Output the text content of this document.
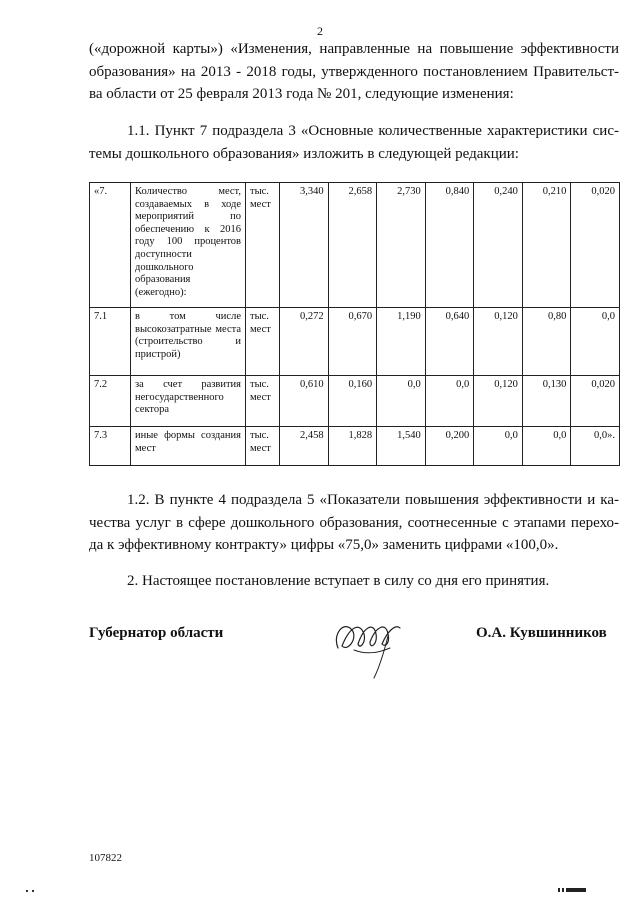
2

(«дорожной карты») «Изменения, направленные на повышение эффективности
образования» на 2013 - 2018 годы, утвержденного постановлением Правительст-
ва области от 25 февраля 2013 года № 201, следующие изменения:

1.1. Пункт 7 подраздела 3 «Основные количественные характеристики сис-
темы дошкольного образования» изложить в следующей редакции:

«7.	Количество мест, создаваемых в ходе мероприятий по обеспечению к 2016 году 100 процентов доступности дошкольного образования (ежегодно):	тыс. мест	3,340	2,658	2,730	0,840	0,240	0,210	0,020
7.1	в том числе высокозатратные места (строительство и пристрой)	тыс. мест	0,272	0,670	1,190	0,640	0,120	0,80	0,0
7.2	за счет развития негосударственного сектора	тыс. мест	0,610	0,160	0,0	0,0	0,120	0,130	0,020
7.3	иные формы создания мест	тыс. мест	2,458	1,828	1,540	0,200	0,0	0,0	0,0».

1.2. В пункте 4 подраздела 5 «Показатели повышения эффективности и ка-
чества услуг в сфере дошкольного образования, соотнесенные с этапами перехо-
да к эффективному контракту» цифры «75,0» заменить цифрами «100,0».

2. Настоящее постановление вступает в силу со дня его принятия.

Губернатор области	О.А. Кувшинников
107822
